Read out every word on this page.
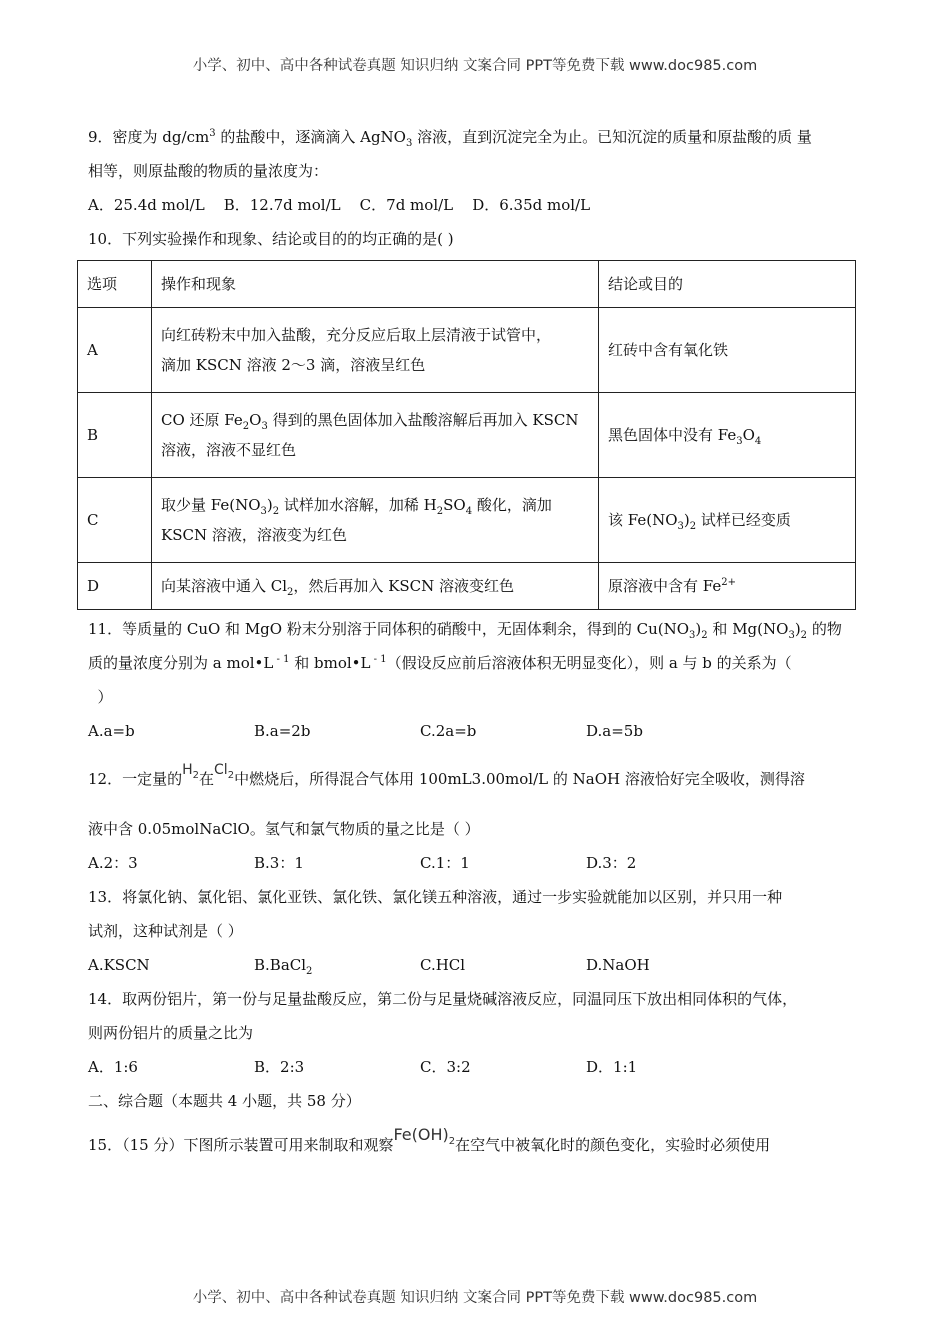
小学、初中、高中各种试卷真题 知识归纳 文案合同 PPT等免费下载 www.doc985.com

9．密度为 $dg/cm^3$ 的盐酸中，逐滴滴入 AgNO$_3$ 溶液，直到沉淀完全为止。已知沉淀的质量和原盐酸的质 量

相等，则原盐酸的物质的量浓度为：

A．25.4d mol/L    B．12.7d mol/L    C．7d mol/L    D．6.35d mol/L

10．下列实验操作和现象、结论或目的的均正确的是( )

选项	操作和现象	结论或目的
A	向红砖粉末中加入盐酸，充分反应后取上层清液于试管中，
滴加 KSCN 溶液 2～3 滴，溶液呈红色	红砖中含有氧化铁
B	CO 还原 $Fe_2O_3$ 得到的黑色固体加入盐酸溶解后再加入 KSCN
溶液，溶液不显红色	黑色固体中没有 $Fe_3O_4$
C	取少量 $Fe(NO_3)_2$ 试样加水溶解，加稀 $H_2SO_4$ 酸化，滴加
KSCN 溶液，溶液变为红色	该 $Fe(NO_3)_2$ 试样已经变质
D	向某溶液中通入 $Cl_2$，然后再加入 KSCN 溶液变红色	原溶液中含有 $Fe^{2+}$

11．等质量的 CuO 和 MgO 粉末分别溶于同体积的硝酸中，无固体剩余，得到的 $Cu(NO_3)_2$ 和 $Mg(NO_3)_2$ 的物

质的量浓度分别为 a mol•L $^{- 1}$ 和 bmol•L $^{- 1}$（假设反应前后溶液体积无明显变化），则 a 与 b 的关系为（

）

A.a=b	B.a=2b	C.2a=b	D.a=5b

12．一定量的$H_2$在$Cl_2$中燃烧后，所得混合气体用 100mL3.00mol/L 的 NaOH 溶液恰好完全吸收，测得溶

液中含 0.05molNaClO。氢气和氯气物质的量之比是（ ）

A.2：3	B.3：1	C.1：1	D.3：2

13．将氯化钠、氯化铝、氯化亚铁、氯化铁、氯化镁五种溶液，通过一步实验就能加以区别，并只用一种

试剂，这种试剂是（ ）

A.KSCN	B.BaCl$_2$	C.HCl	D.NaOH

14．取两份铝片，第一份与足量盐酸反应，第二份与足量烧碱溶液反应，同温同压下放出相同体积的气体，

则两份铝片的质量之比为

A．1:6	B．2:3	C．3:2	D．1:1

二、综合题（本题共 4 小题，共 58 分）

15．（15 分）下图所示装置可用来制取和观察$Fe(OH)_2$在空气中被氧化时的颜色变化，实验时必须使用

小学、初中、高中各种试卷真题 知识归纳 文案合同 PPT等免费下载 www.doc985.com
